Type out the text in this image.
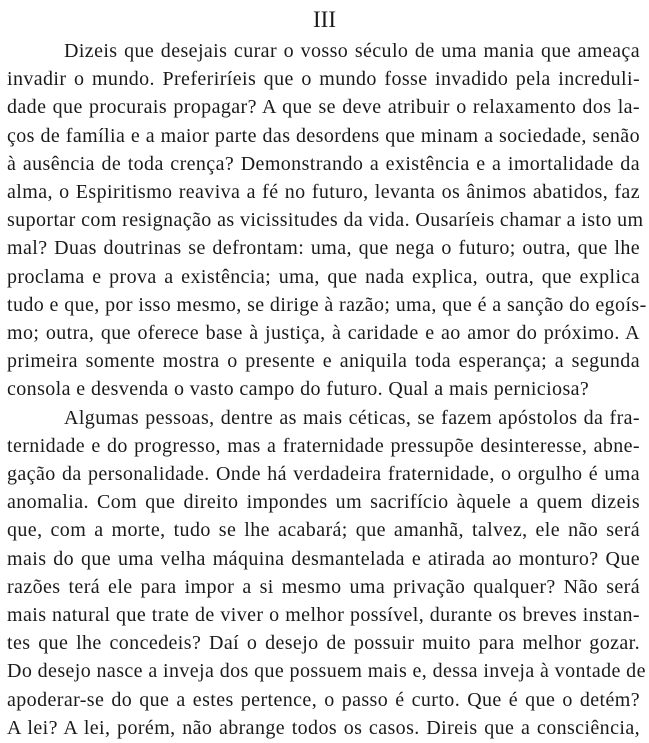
III
Dizeis que desejais curar o vosso século de uma mania que ameaça
invadir o mundo. Preferiríeis que o mundo fosse invadido pela increduli-
dade que procurais propagar? A que se deve atribuir o relaxamento dos la-
ços de família e a maior parte das desordens que minam a sociedade, senão
à ausência de toda crença? Demonstrando a existência e a imortalidade da
alma, o Espiritismo reaviva a fé no futuro, levanta os ânimos abatidos, faz
suportar com resignação as vicissitudes da vida. Ousaríeis chamar a isto um
mal? Duas doutrinas se defrontam: uma, que nega o futuro; outra, que lhe
proclama e prova a existência; uma, que nada explica, outra, que explica
tudo e que, por isso mesmo, se dirige à razão; uma, que é a sanção do egoís-
mo; outra, que oferece base à justiça, à caridade e ao amor do próximo. A
primeira somente mostra o presente e aniquila toda esperança; a segunda
consola e desvenda o vasto campo do futuro. Qual a mais perniciosa?
Algumas pessoas, dentre as mais céticas, se fazem apóstolos da fra-
ternidade e do progresso, mas a fraternidade pressupõe desinteresse, abne-
gação da personalidade. Onde há verdadeira fraternidade, o orgulho é uma
anomalia. Com que direito impondes um sacrifício àquele a quem dizeis
que, com a morte, tudo se lhe acabará; que amanhã, talvez, ele não será
mais do que uma velha máquina desmantelada e atirada ao monturo? Que
razões terá ele para impor a si mesmo uma privação qualquer? Não será
mais natural que trate de viver o melhor possível, durante os breves instan-
tes que lhe concedeis? Daí o desejo de possuir muito para melhor gozar.
Do desejo nasce a inveja dos que possuem mais e, dessa inveja à vontade de
apoderar-se do que a estes pertence, o passo é curto. Que é que o detém?
A lei? A lei, porém, não abrange todos os casos. Direis que a consciência,
